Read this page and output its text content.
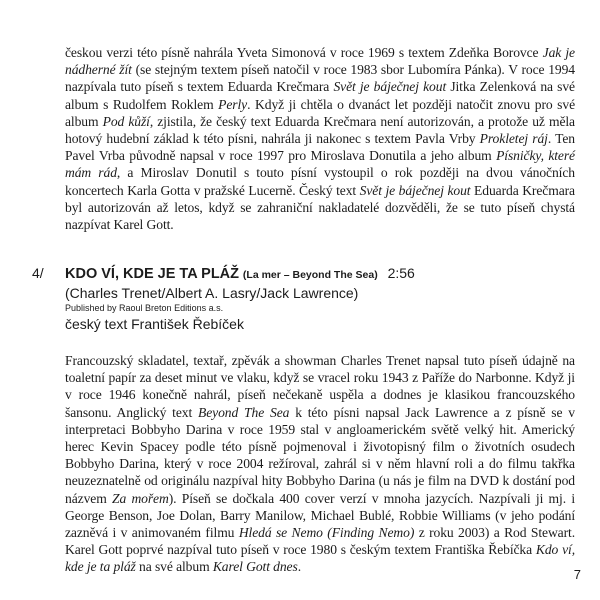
českou verzi této písně nahrála Yveta Simonová v roce 1969 s textem Zdeňka Borovce Jak je nádherné žít (se stejným textem píseň natočil v roce 1983 sbor Lubomíra Pánka). V roce 1994 nazpívala tuto píseň s textem Eduarda Krečmara Svět je báječnej kout Jitka Zelenková na své album s Rudolfem Roklem Perly. Když ji chtěla o dvanáct let později natočit znovu pro své album Pod kůží, zjistila, že český text Eduarda Krečmara není autorizován, a protože už měla hotový hudební základ k této písni, nahrála ji nakonec s textem Pavla Vrby Prokletej ráj. Ten Pavel Vrba původně napsal v roce 1997 pro Miroslava Donutila a jeho album Písničky, které mám rád, a Miroslav Donutil s touto písní vystoupil o rok později na dvou vánočních koncertech Karla Gotta v pražské Lucerně. Český text Svět je báječnej kout Eduarda Krečmara byl autorizován až letos, když se zahraniční nakladatelé dozvěděli, že se tuto píseň chystá nazpívat Karel Gott.

4/ KDO VÍ, KDE JE TA PLÁŽ (La mer – Beyond The Sea) 2:56
(Charles Trenet/Albert A. Lasry/Jack Lawrence)
Published by Raoul Breton Editions a.s.
český text František Řebíček

Francouzský skladatel, textař, zpěvák a showman Charles Trenet napsal tuto píseň údajně na toaletní papír za deset minut ve vlaku, když se vracel roku 1943 z Paříže do Narbonne. Když ji v roce 1946 konečně nahrál, píseň nečekaně uspěla a dodnes je klasikou francouzského šansonu. Anglický text Beyond The Sea k této písni napsal Jack Lawrence a z písně se v interpretaci Bobbyho Darina v roce 1959 stal v angloamerickém světě velký hit. Americký herec Kevin Spacey podle této písně pojmenoval i životopisný film o životních osudech Bobbyho Darina, který v roce 2004 režíroval, zahrál si v něm hlavní roli a do filmu takřka neuzeznatelně od originálu nazpíval hity Bobbyho Darina (u nás je film na DVD k dostání pod názvem Za mořem). Píseň se dočkala 400 cover verzí v mnoha jazycích. Nazpívali ji mj. i George Benson, Joe Dolan, Barry Manilow, Michael Bublé, Robbie Williams (v jeho podání zazněvá i v animovaném filmu Hledá se Nemo (Finding Nemo) z roku 2003) a Rod Stewart. Karel Gott poprvé nazpíval tuto píseň v roce 1980 s českým textem Františka Řebíčka Kdo ví, kde je ta pláž na své album Karel Gott dnes.

7
